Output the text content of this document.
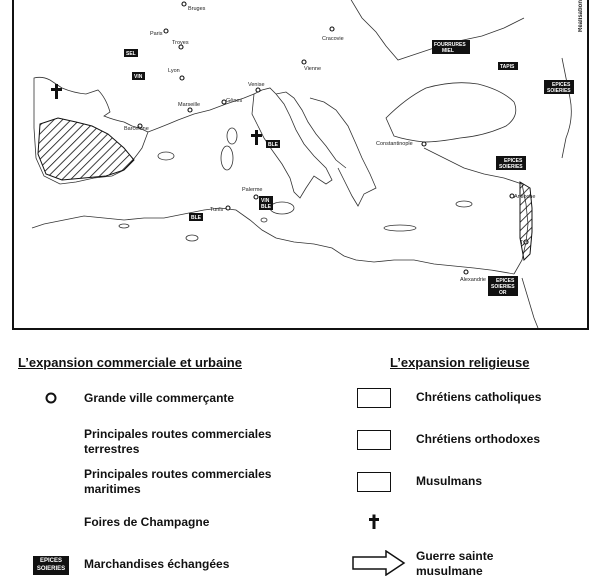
Bruges
Paris
Troyes
Cracovie
Lyon	Vienne
Venise
Marseille
Gênes
Barcelone
Constantinople
Palerme
Tunis
Antioche
Alexandrie
Tyr
SEL
VIN
BLE
VIN
BLE
BLE
FOURRURES
MIEL
TAPIS
EPICES
SOIERIES
EPICES
SOIERIES
EPICES
SOIERIES
OR
Réalisation
L’expansion commerciale et urbaine
Grande ville commerçante
Principales routes commerciales
terrestres
Principales routes commerciales
maritimes
Foires de Champagne
EPICES
SOIERIES	Marchandises échangées
L’expansion religieuse
Chrétiens catholiques
Chrétiens orthodoxes
Musulmans
Guerre sainte
musulmane
